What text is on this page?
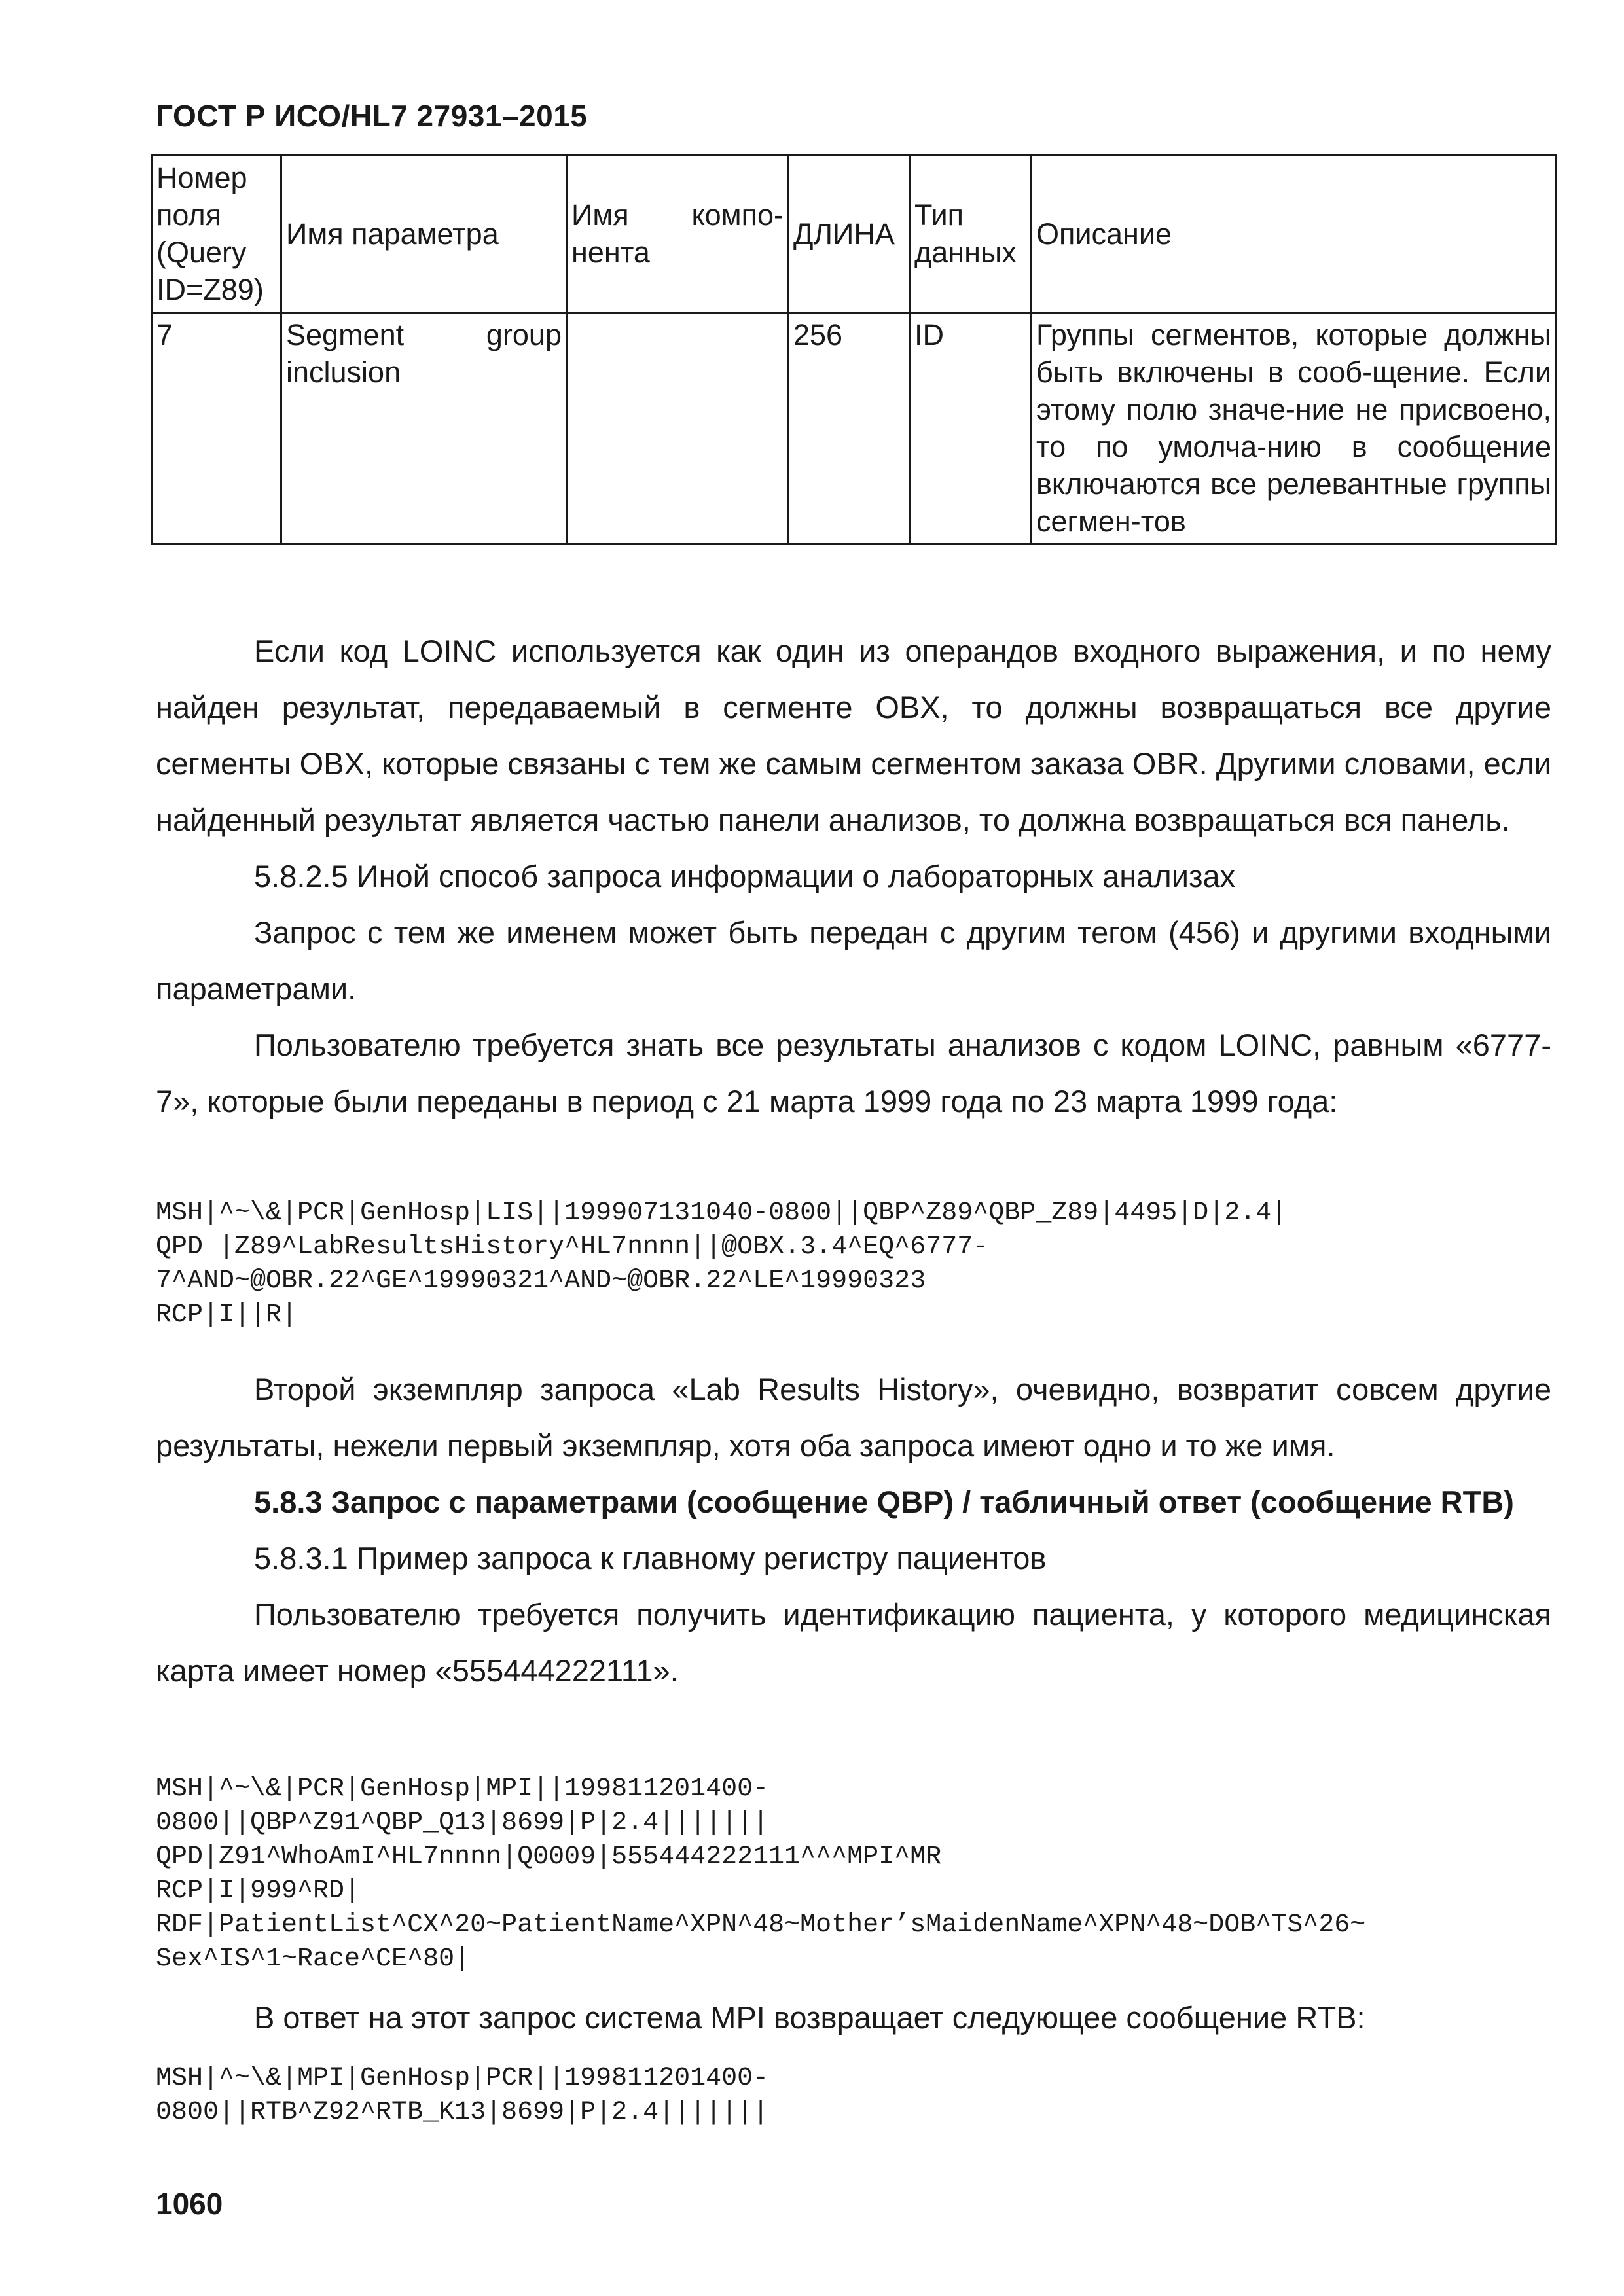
ГОСТ Р ИСО/HL7 27931–2015
Номер поля (Query ID=Z89)	Имя параметра	Имя компо-нента	ДЛИНА	Тип данных	Описание
7	Segment group inclusion		256	ID	Группы сегментов, которые должны быть включены в сооб-щение. Если этому полю значе-ние не присвоено, то по умолча-нию в сообщение включаются все релевантные группы сегмен-тов

Если код LOINC используется как один из операндов входного выражения, и по нему найден результат, передаваемый в сегменте OBX, то должны возвращаться все другие сегменты OBX, которые связаны с тем же самым сегментом заказа OBR. Другими словами, если найденный результат является частью панели анализов, то должна возвращаться вся панель.

5.8.2.5 Иной способ запроса информации о лабораторных анализах

Запрос с тем же именем может быть передан с другим тегом (456) и другими входными параметрами.

Пользователю требуется знать все результаты анализов с кодом LOINC, равным «6777-7», которые были переданы в период с 21 марта 1999 года по 23 марта 1999 года:

MSH|^~\&|PCR|GenHosp|LIS||199907131040-0800||QBP^Z89^QBP_Z89|4495|D|2.4|
QPD |Z89^LabResultsHistory^HL7nnnn||@OBX.3.4^EQ^6777-
7^AND~@OBR.22^GE^19990321^AND~@OBR.22^LE^19990323
RCP|I||R|

Второй экземпляр запроса «Lab Results History», очевидно, возвратит совсем другие результаты, нежели первый экземпляр, хотя оба запроса имеют одно и то же имя.

5.8.3 Запрос с параметрами (сообщение QBP) / табличный ответ (сообщение RTB)

5.8.3.1 Пример запроса к главному регистру пациентов

Пользователю требуется получить идентификацию пациента, у которого медицинская карта имеет номер «555444222111».

MSH|^~\&|PCR|GenHosp|MPI||199811201400-
0800||QBP^Z91^QBP_Q13|8699|P|2.4|||||||
QPD|Z91^WhoAmI^HL7nnnn|Q0009|555444222111^^^MPI^MR
RCP|I|999^RD|
RDF|PatientList^CX^20~PatientName^XPN^48~Mother’sMaidenName^XPN^48~DOB^TS^26~
Sex^IS^1~Race^CE^80|

В ответ на этот запрос система MPI возвращает следующее сообщение RTB:

MSH|^~\&|MPI|GenHosp|PCR||199811201400-
0800||RTB^Z92^RTB_K13|8699|P|2.4|||||||
1060
